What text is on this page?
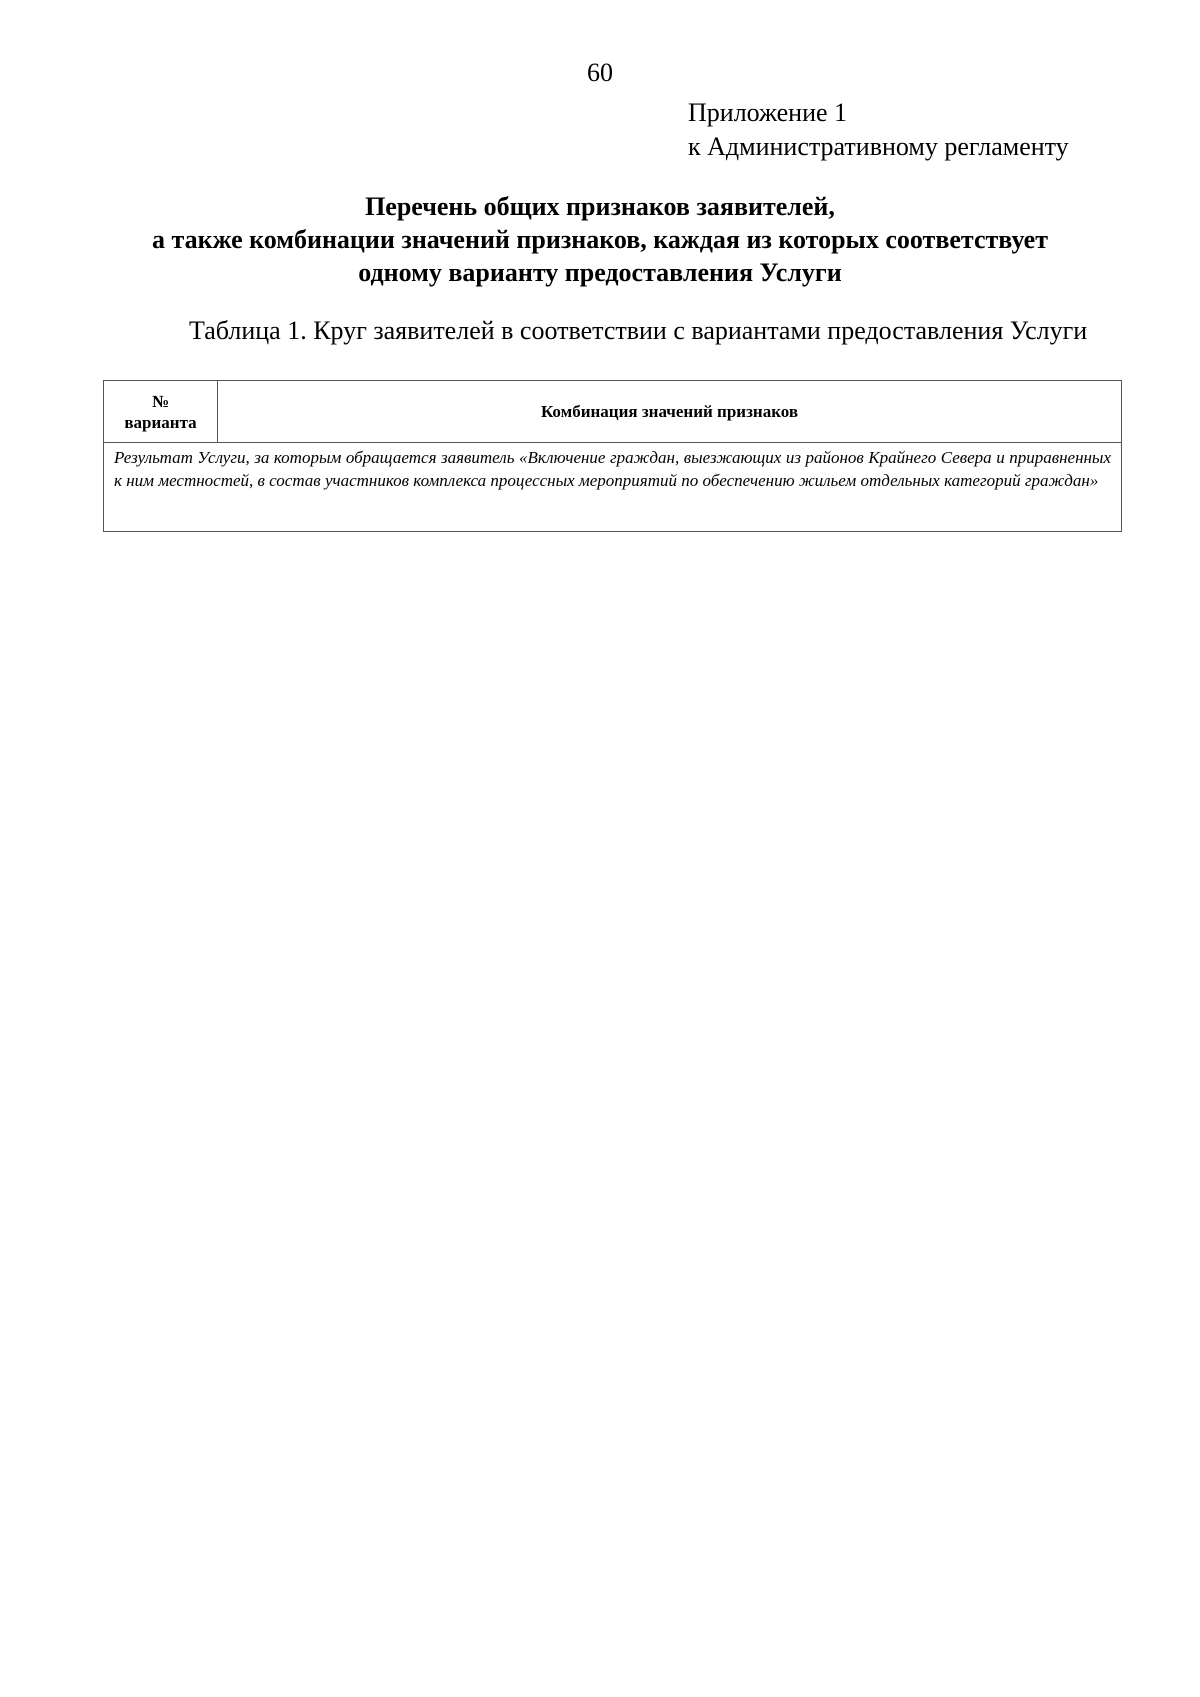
60
Приложение 1
к Административному регламенту
Перечень общих признаков заявителей,
а также комбинации значений признаков, каждая из которых соответствует
одному варианту предоставления Услуги
Таблица 1. Круг заявителей в соответствии с вариантами предоставления Услуги
№
варианта
	Комбинация значений признаков
Результат Услуги, за которым обращается заявитель «Включение граждан, выезжающих из районов Крайнего Севера и приравненных к ним местностей, в состав участников комплекса процессных мероприятий по обеспечению жильем отдельных категорий граждан»
